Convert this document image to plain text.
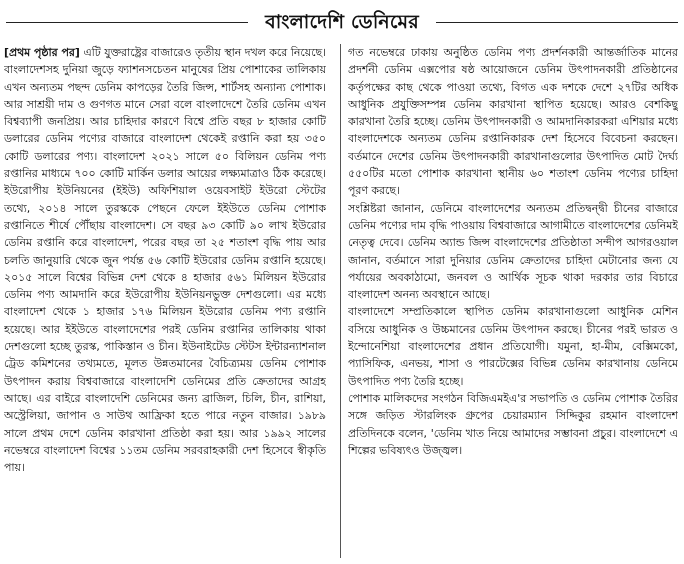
বাংলাদেশি ডেনিমের

[প্রথম পৃষ্ঠার পর] এটি যুক্তরাষ্ট্রের বাজারেও তৃতীয় স্থান দখল করে নিয়েছে। বাংলাদেশসহ দুনিয়া জুড়ে ফ্যাশনসচেতন মানুষের প্রিয় পোশাকের তালিকায় এখন অন্যতম পছন্দ ডেনিম কাপড়ের তৈরি জিন্স, শার্টসহ অন্যান্য পোশাক। আর সাশ্রয়ী দাম ও গুণগত মানে সেরা বলে বাংলাদেশে তৈরি ডেনিম এখন বিশ্বব্যাপী জনপ্রিয়। আর চাহিদার কারণে বিশ্বে প্রতি বছর ৮ হাজার কোটি ডলারের ডেনিম পণ্যের বাজারে বাংলাদেশ থেকেই রপ্তানি করা হয় ৩৫০ কোটি ডলারের পণ্য। বাংলাদেশ ২০২১ সালে ৫০ বিলিয়ন ডেনিম পণ্য রপ্তানির মাধ্যমে ৭০০ কোটি মার্কিন ডলার আয়ের লক্ষ্যমাত্রাও ঠিক করেছে। ইউরোপীয় ইউনিয়নের (ইইউ) অফিশিয়াল ওয়েবসাইট ইউরো স্টেটের তথ্যে, ২০১৪ সালে তুরস্ককে পেছনে ফেলে ইইউতে ডেনিম পোশাক রপ্তানিতে শীর্ষে পৌঁছায় বাংলাদেশ। সে বছর ৯৩ কোটি ৯০ লাখ ইউরোর ডেনিম রপ্তানি করে বাংলাদেশ, পরের বছর তা ২৫ শতাংশ বৃদ্ধি পায় আর চলতি জানুয়ারি থেকে জুন পর্যন্ত ৫৬ কোটি ইউরোর ডেনিম রপ্তানি হয়েছে। ২০১৫ সালে বিশ্বের বিভিন্ন দেশ থেকে ৪ হাজার ৫৬১ মিলিয়ন ইউরোর ডেনিম পণ্য আমদানি করে ইউরোপীয় ইউনিয়নভুক্ত দেশগুলো। এর মধ্যে বাংলাদেশ থেকে ১ হাজার ১৭৬ মিলিয়ন ইউরোর ডেনিম পণ্য রপ্তানি হয়েছে। আর ইইউতে বাংলাদেশের পরই ডেনিম রপ্তানির তালিকায় থাকা দেশগুলো হচ্ছে তুরস্ক, পাকিস্তান ও চীন। ইউনাইটেড স্টেটস ইন্টারন্যাশনাল ট্রেড কমিশনের তথ্যমতে, মূলত উন্নতমানের বৈচিত্র্যময় ডেনিম পোশাক উৎপাদন করায় বিশ্ববাজারে বাংলাদেশি ডেনিমের প্রতি ক্রেতাদের আগ্রহ আছে। এর বাইরে বাংলাদেশি ডেনিমের জন্য ব্রাজিল, চিলি, চীন, রাশিয়া, অস্ট্রেলিয়া, জাপান ও সাউথ আফ্রিকা হতে পারে নতুন বাজার। ১৯৮৯ সালে প্রথম দেশে ডেনিম কারখানা প্রতিষ্ঠা করা হয়। আর ১৯৯২ সালের নভেম্বরে বাংলাদেশ বিশ্বের ১১তম ডেনিম সরবরাহকারী দেশ হিসেবে স্বীকৃতি পায়।

গত নভেম্বরে ঢাকায় অনুষ্ঠিত ডেনিম পণ্য প্রদর্শনকারী আন্তর্জাতিক মানের প্রদর্শনী ডেনিম এক্সপোর ষষ্ঠ আয়োজনে ডেনিম উৎপাদনকারী প্রতিষ্ঠানের কর্তৃপক্ষের কাছ থেকে পাওয়া তথ্যে, বিগত এক দশকে দেশে ২৭টির অধিক আধুনিক প্রযুক্তিসম্পন্ন ডেনিম কারখানা স্থাপিত হয়েছে। আরও বেশকিছু কারখানা তৈরি হচ্ছে। ডেনিম উৎপাদনকারী ও আমদানিকারকরা এশিয়ার মধ্যে বাংলাদেশকে অন্যতম ডেনিম রপ্তানিকারক দেশ হিসেবে বিবেচনা করছেন। বর্তমানে দেশের ডেনিম উৎপাদনকারী কারখানাগুলোর উৎপাদিত মোট দৈর্ঘ্য ৫৫০টির মতো পোশাক কারখানা স্থানীয় ৬০ শতাংশ ডেনিম পণ্যের চাহিদা পূরণ করছে।

সংশ্লিষ্টরা জানান, ডেনিমে বাংলাদেশের অন্যতম প্রতিদ্বন্দ্বী চীনের বাজারে ডেনিম পণ্যের দাম বৃদ্ধি পাওয়ায় বিশ্ববাজারে আগামীতে বাংলাদেশের ডেনিমই নেতৃত্ব দেবে। ডেনিম অ্যান্ড জিন্স বাংলাদেশের প্রতিষ্ঠাতা সন্দীপ আগরওয়াল জানান, বর্তমানে সারা দুনিয়ার ডেনিম ক্রেতাদের চাহিদা মেটানোর জন্য যে পর্যায়ের অবকাঠামো, জনবল ও আর্থিক সূচক থাকা দরকার তার বিচারে বাংলাদেশ অনন্য অবস্থানে আছে।

বাংলাদেশে সম্প্রতিকালে স্থাপিত ডেনিম কারখানাগুলো আধুনিক মেশিন বসিয়ে আধুনিক ও উচ্চমানের ডেনিম উৎপাদন করছে। চীনের পরই ভারত ও ইন্দোনেশিয়া বাংলাদেশের প্রধান প্রতিযোগী। যমুনা, হা-মীম, বেক্সিমকো, প্যাসিফিক, এনভয়, শাসা ও পারটেক্সের বিভিন্ন ডেনিম কারখানায় ডেনিমে উৎপাদিত পণ্য তৈরি হচ্ছে।

পোশাক মালিকদের সংগঠন বিজিএমইএ'র সভাপতি ও ডেনিম পোশাক তৈরির সঙ্গে জড়িত স্টারলিংক গ্রুপের চেয়ারম্যান সিদ্দিকুর রহমান বাংলাদেশ প্রতিদিনকে বলেন, 'ডেনিম খাত নিয়ে আমাদের সম্ভাবনা প্রচুর। বাংলাদেশে এ শিল্পের ভবিষ্যৎও উজ্জ্বল।
